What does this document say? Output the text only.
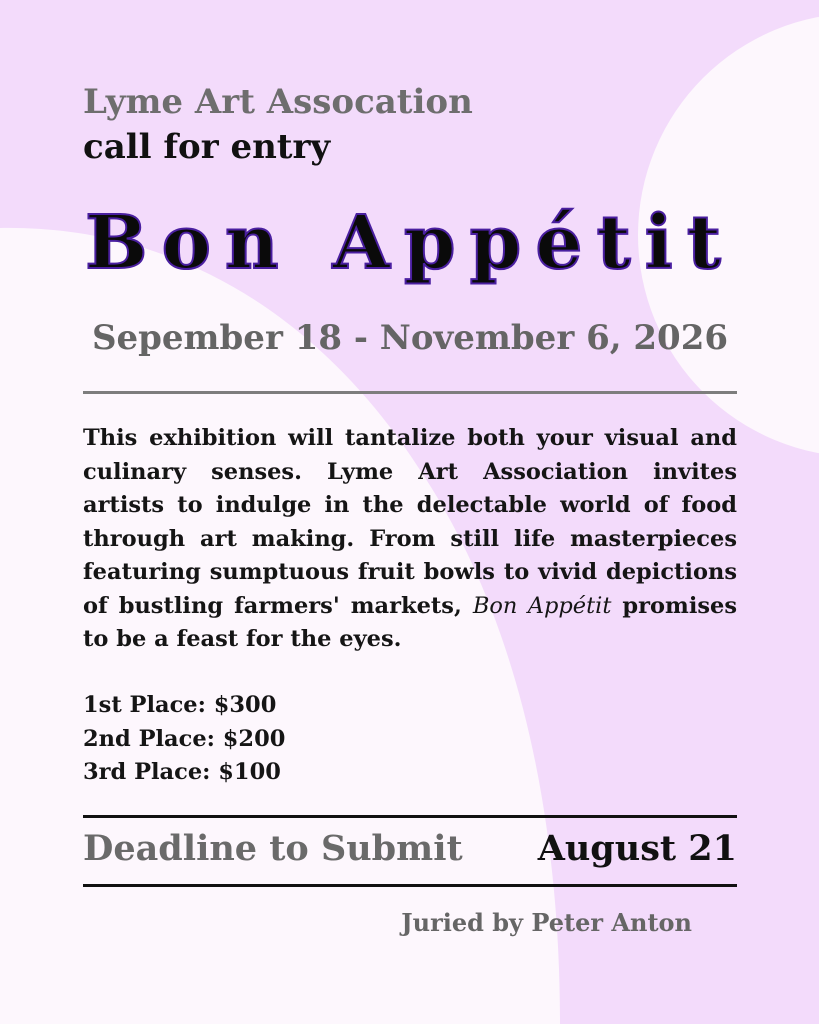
Lyme Art Assocation
call for entry
Bon Appétit
Sepember 18 - November 6, 2026

This exhibition will tantalize both your visual and culinary senses. Lyme Art Association invites artists to indulge in the delectable world of food through art making. From still life masterpieces featuring sumptuous fruit bowls to vivid depictions of bustling farmers' markets, Bon Appétit promises to be a feast for the eyes.

1st Place: $300
2nd Place: $200
3rd Place: $100
Deadline to Submit August 21
Juried by Peter Anton
